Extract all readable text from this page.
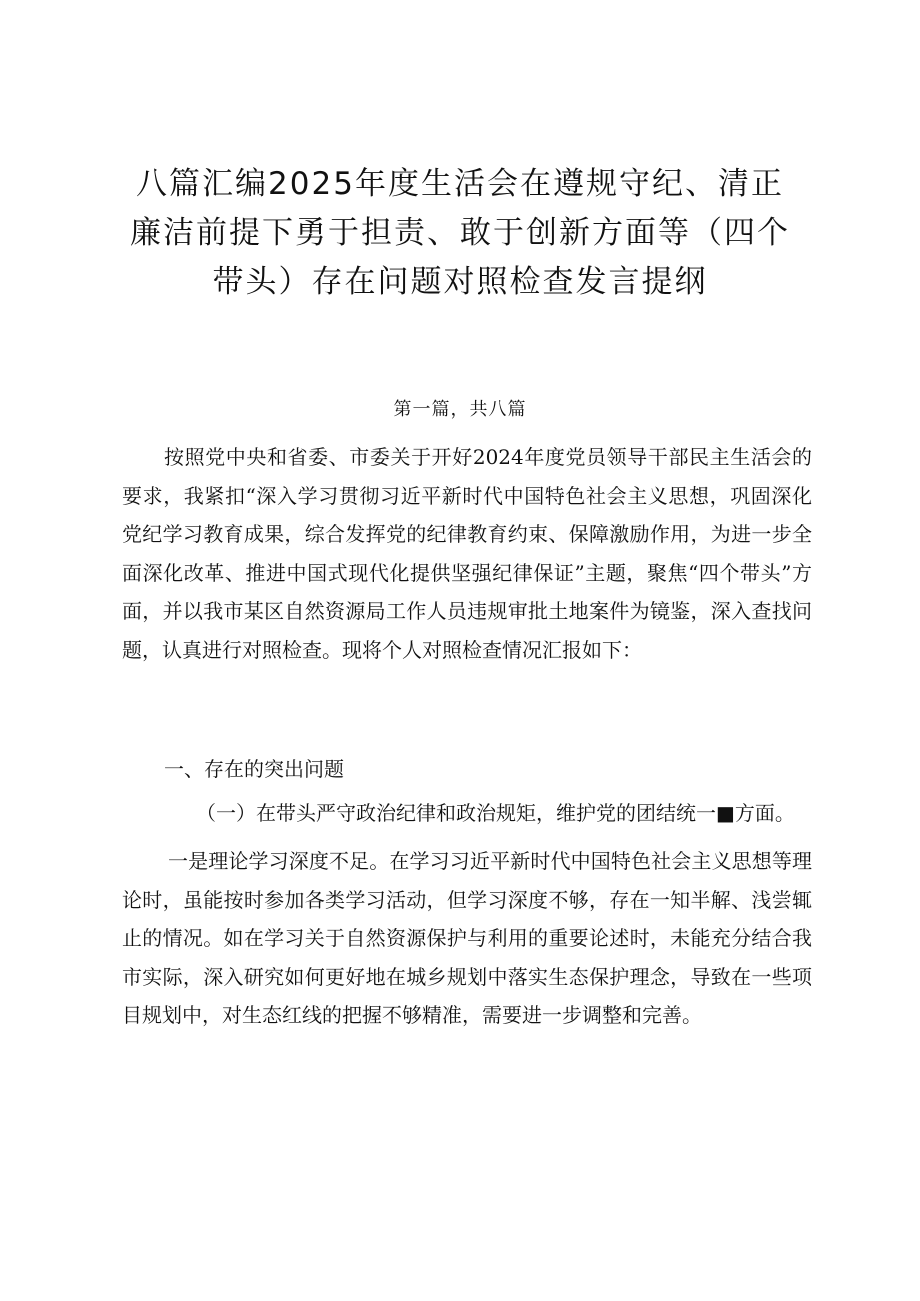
八篇汇编2025年度生活会在遵规守纪、清正
廉洁前提下勇于担责、敢于创新方面等（四个
带头）存在问题对照检查发言提纲
第一篇，共八篇
按照党中央和省委、市委关于开好2024年度党员领导干部民主生活会的要求，我紧扣“深入学习贯彻习近平新时代中国特色社会主义思想，巩固深化党纪学习教育成果，综合发挥党的纪律教育约束、保障激励作用，为进一步全面深化改革、推进中国式现代化提供坚强纪律保证”主题，聚焦“四个带头”方面，并以我市某区自然资源局工作人员违规审批土地案件为镜鉴，深入查找问题，认真进行对照检查。现将个人对照检查情况汇报如下：
一、存在的突出问题
（一）在带头严守政治纪律和政治规矩，维护党的团结统一■方面。
一是理论学习深度不足。在学习习近平新时代中国特色社会主义思想等理论时，虽能按时参加各类学习活动，但学习深度不够，存在一知半解、浅尝辄止的情况。如在学习关于自然资源保护与利用的重要论述时，未能充分结合我市实际，深入研究如何更好地在城乡规划中落实生态保护理念，导致在一些项目规划中，对生态红线的把握不够精准，需要进一步调整和完善。
